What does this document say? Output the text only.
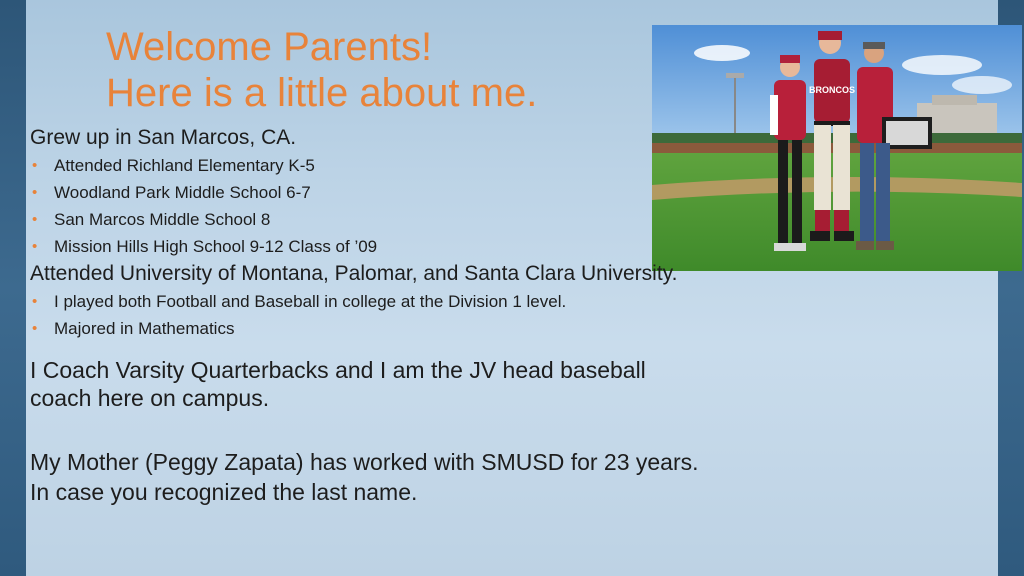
Welcome Parents!
Here is a little about me.	BRONCOS

Grew up in San Marcos, CA.

• Attended Richland Elementary K-5
• Woodland Park Middle School 6-7
• San Marcos Middle School 8
• Mission Hills High School 9-12 Class of ’09

Attended University of Montana, Palomar, and Santa Clara University.

• I played both Football and Baseball in college at the Division 1 level.
• Majored in Mathematics

I Coach Varsity Quarterbacks and I am the JV head baseball

coach here on campus.

My Mother (Peggy Zapata) has worked with SMUSD for 23 years.

In case you recognized the last name.
